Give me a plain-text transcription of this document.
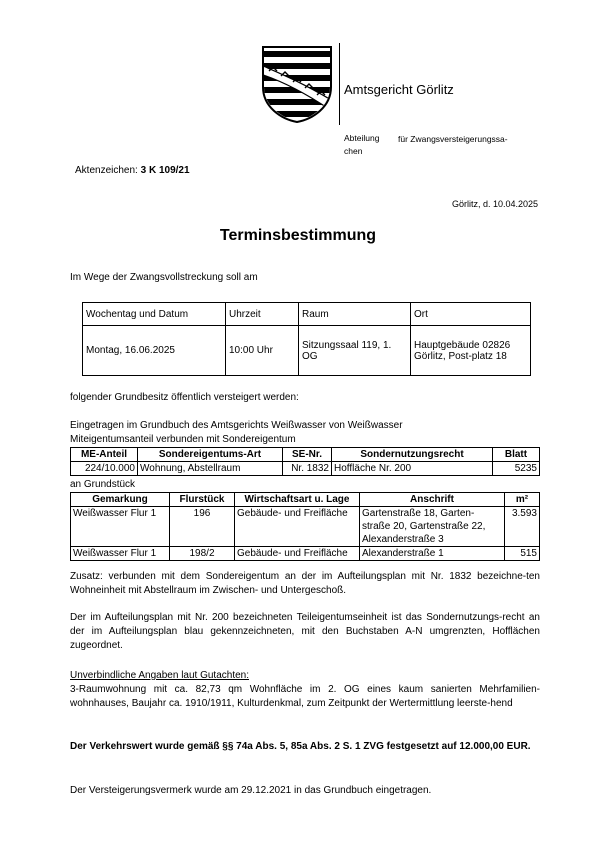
Amtsgericht Görlitz
Abteilung für Zwangsversteigerungssa-
chen
Aktenzeichen: 3 K 109/21
Görlitz, d. 10.04.2025
Terminsbestimmung
Im Wege der Zwangsvollstreckung soll am
Wochentag und Datum	Uhrzeit	Raum	Ort
Montag, 16.06.2025	10:00 Uhr	Sitzungssaal 119, 1. OG	Hauptgebäude 02826 Görlitz, Post-platz 18
folgender Grundbesitz öffentlich versteigert werden:
Eingetragen im Grundbuch des Amtsgerichts Weißwasser von Weißwasser
Miteigentumsanteil verbunden mit Sondereigentum
ME-Anteil	Sondereigentums-Art	SE-Nr.	Sondernutzungsrecht	Blatt
224/10.000	Wohnung, Abstellraum	Nr. 1832	Hoffläche Nr. 200	5235
an Grundstück
Gemarkung	Flurstück	Wirtschaftsart u. Lage	Anschrift	m²
Weißwasser Flur 1	196	Gebäude- und Freifläche	Gartenstraße 18, Garten-straße 20, Gartenstraße 22, Alexanderstraße 3	3.593
Weißwasser Flur 1	198/2	Gebäude- und Freifläche	Alexanderstraße 1	515
Zusatz: verbunden mit dem Sondereigentum an der im Aufteilungsplan mit Nr. 1832 bezeichne-ten Wohneinheit mit Abstellraum im Zwischen- und Untergeschoß.
Der im Aufteilungsplan mit Nr. 200 bezeichneten Teileigentumseinheit ist das Sondernutzungs-recht an der im Aufteilungsplan blau gekennzeichneten, mit den Buchstaben A-N umgrenzten, Hofflächen zugeordnet.
Unverbindliche Angaben laut Gutachten:
3-Raumwohnung mit ca. 82,73 qm Wohnfläche im 2. OG eines kaum sanierten Mehrfamilien-wohnhauses, Baujahr ca. 1910/1911, Kulturdenkmal, zum Zeitpunkt der Wertermittlung leerste-hend
Der Verkehrswert wurde gemäß §§ 74a Abs. 5, 85a Abs. 2 S. 1 ZVG festgesetzt auf 12.000,00 EUR.
Der Versteigerungsvermerk wurde am 29.12.2021 in das Grundbuch eingetragen.
